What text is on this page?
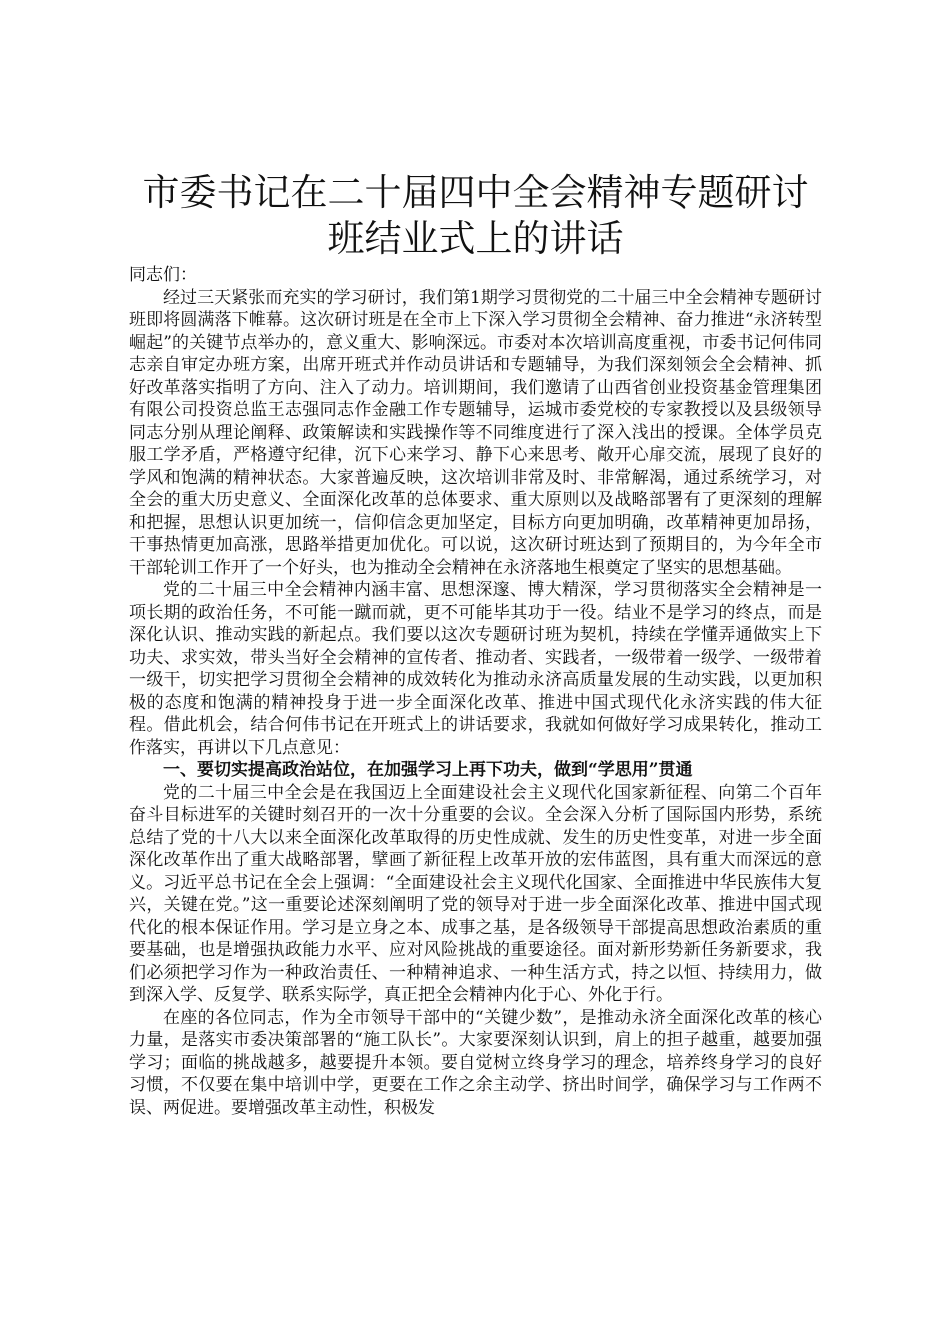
市委书记在二十届四中全会精神专题研讨班结业式上的讲话

同志们：

经过三天紧张而充实的学习研讨，我们第1期学习贯彻党的二十届三中全会精神专题研讨班即将圆满落下帷幕。这次研讨班是在全市上下深入学习贯彻全会精神、奋力推进“永济转型崛起”的关键节点举办的，意义重大、影响深远。市委对本次培训高度重视，市委书记何伟同志亲自审定办班方案，出席开班式并作动员讲话和专题辅导，为我们深刻领会全会精神、抓好改革落实指明了方向、注入了动力。培训期间，我们邀请了山西省创业投资基金管理集团有限公司投资总监王志强同志作金融工作专题辅导，运城市委党校的专家教授以及县级领导同志分别从理论阐释、政策解读和实践操作等不同维度进行了深入浅出的授课。全体学员克服工学矛盾，严格遵守纪律，沉下心来学习、静下心来思考、敞开心扉交流，展现了良好的学风和饱满的精神状态。大家普遍反映，这次培训非常及时、非常解渴，通过系统学习，对全会的重大历史意义、全面深化改革的总体要求、重大原则以及战略部署有了更深刻的理解和把握，思想认识更加统一，信仰信念更加坚定，目标方向更加明确，改革精神更加昂扬，干事热情更加高涨，思路举措更加优化。可以说，这次研讨班达到了预期目的，为今年全市干部轮训工作开了一个好头，也为推动全会精神在永济落地生根奠定了坚实的思想基础。

党的二十届三中全会精神内涵丰富、思想深邃、博大精深，学习贯彻落实全会精神是一项长期的政治任务，不可能一蹴而就，更不可能毕其功于一役。结业不是学习的终点，而是深化认识、推动实践的新起点。我们要以这次专题研讨班为契机，持续在学懂弄通做实上下功夫、求实效，带头当好全会精神的宣传者、推动者、实践者，一级带着一级学、一级带着一级干，切实把学习贯彻全会精神的成效转化为推动永济高质量发展的生动实践，以更加积极的态度和饱满的精神投身于进一步全面深化改革、推进中国式现代化永济实践的伟大征程。借此机会，结合何伟书记在开班式上的讲话要求，我就如何做好学习成果转化，推动工作落实，再讲以下几点意见：

一、要切实提高政治站位，在加强学习上再下功夫，做到“学思用”贯通

党的二十届三中全会是在我国迈上全面建设社会主义现代化国家新征程、向第二个百年奋斗目标进军的关键时刻召开的一次十分重要的会议。全会深入分析了国际国内形势，系统总结了党的十八大以来全面深化改革取得的历史性成就、发生的历史性变革，对进一步全面深化改革作出了重大战略部署，擘画了新征程上改革开放的宏伟蓝图，具有重大而深远的意义。习近平总书记在全会上强调：“全面建设社会主义现代化国家、全面推进中华民族伟大复兴，关键在党。”这一重要论述深刻阐明了党的领导对于进一步全面深化改革、推进中国式现代化的根本保证作用。学习是立身之本、成事之基，是各级领导干部提高思想政治素质的重要基础，也是增强执政能力水平、应对风险挑战的重要途径。面对新形势新任务新要求，我们必须把学习作为一种政治责任、一种精神追求、一种生活方式，持之以恒、持续用力，做到深入学、反复学、联系实际学，真正把全会精神内化于心、外化于行。

在座的各位同志，作为全市领导干部中的“关键少数”，是推动永济全面深化改革的核心力量，是落实市委决策部署的“施工队长”。大家要深刻认识到，肩上的担子越重，越要加强学习；面临的挑战越多，越要提升本领。要自觉树立终身学习的理念，培养终身学习的良好习惯，不仅要在集中培训中学，更要在工作之余主动学、挤出时间学，确保学习与工作两不误、两促进。要增强改革主动性，积极发
